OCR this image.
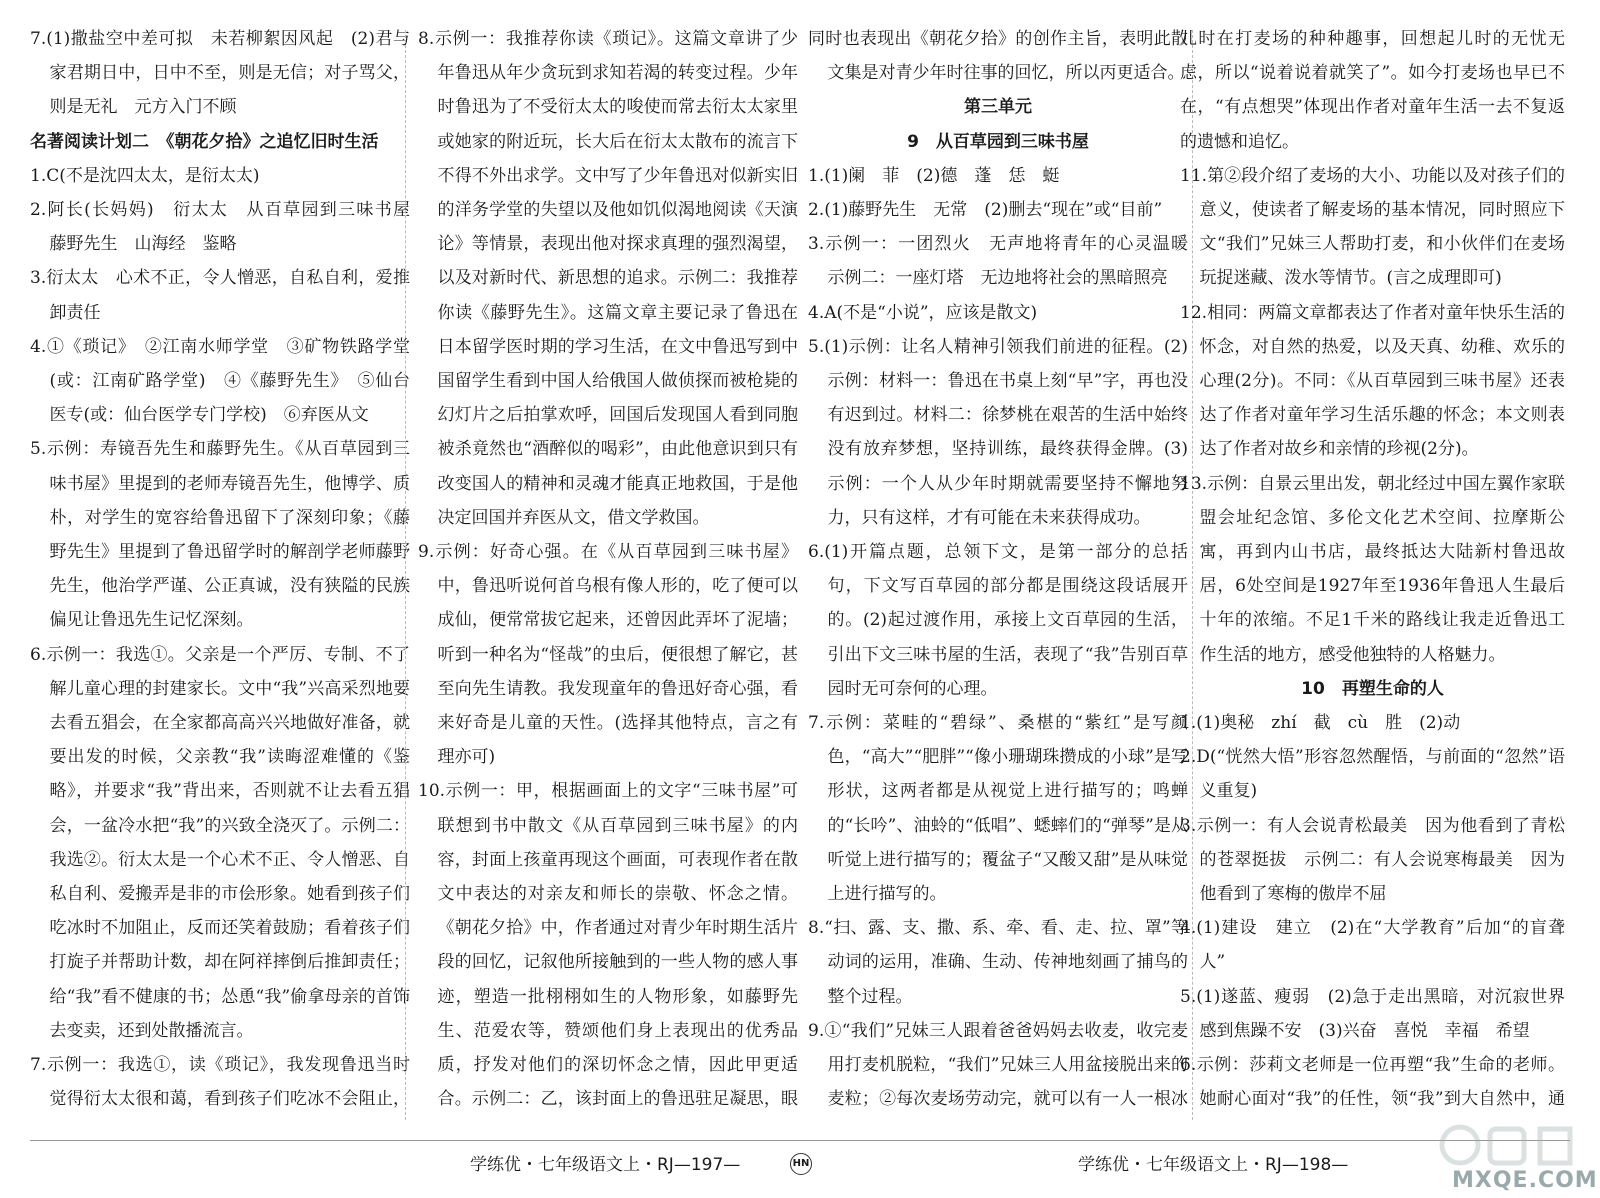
7.(1)撒盐空中差可拟　未若柳絮因风起　(2)君与家君期日中，日中不至，则是无信；对子骂父，则是无礼　元方入门不顾

名著阅读计划二　《朝花夕拾》之追忆旧时生活

1.C(不是沈四太太，是衍太太)

2.阿长(长妈妈)　衍太太　从百草园到三味书屋　藤野先生　山海经　鉴略

3.衍太太　心术不正，令人憎恶，自私自利，爱推卸责任

4.①《琐记》　②江南水师学堂　③矿物铁路学堂(或：江南矿路学堂)　④《藤野先生》　⑤仙台医专(或：仙台医学专门学校)　⑥弃医从文

5.示例：寿镜吾先生和藤野先生。《从百草园到三味书屋》里提到的老师寿镜吾先生，他博学、质朴，对学生的宽容给鲁迅留下了深刻印象；《藤野先生》里提到了鲁迅留学时的解剖学老师藤野先生，他治学严谨、公正真诚，没有狭隘的民族偏见让鲁迅先生记忆深刻。

6.示例一：我选①。父亲是一个严厉、专制、不了解儿童心理的封建家长。文中“我”兴高采烈地要去看五猖会，在全家都高高兴兴地做好准备，就要出发的时候，父亲教“我”读晦涩难懂的《鉴略》，并要求“我”背出来，否则就不让去看五猖会，一盆冷水把“我”的兴致全浇灭了。示例二：我选②。衍太太是一个心术不正、令人憎恶、自私自利、爱搬弄是非的市侩形象。她看到孩子们吃冰时不加阻止，反而还笑着鼓励；看着孩子们打旋子并帮助计数，却在阿祥摔倒后推卸责任；给“我”看不健康的书；怂恿“我”偷拿母亲的首饰去变卖，还到处散播流言。

7.示例一：我选①，读《琐记》，我发现鲁迅当时觉得衍太太很和蔼，看到孩子们吃冰不会阻止，

8.示例一：我推荐你读《琐记》。这篇文章讲了少年鲁迅从年少贪玩到求知若渴的转变过程。少年时鲁迅为了不受衍太太的唆使而常去衍太太家里或她家的附近玩，长大后在衍太太散布的流言下不得不外出求学。文中写了少年鲁迅对似新实旧的洋务学堂的失望以及他如饥似渴地阅读《天演论》等情景，表现出他对探求真理的强烈渴望，以及对新时代、新思想的追求。示例二：我推荐你读《藤野先生》。这篇文章主要记录了鲁迅在日本留学医时期的学习生活，在文中鲁迅写到中国留学生看到中国人给俄国人做侦探而被枪毙的幻灯片之后拍掌欢呼，回国后发现国人看到同胞被杀竟然也“酒醉似的喝彩”，由此他意识到只有改变国人的精神和灵魂才能真正地救国，于是他决定回国并弃医从文，借文学救国。

9.示例：好奇心强。在《从百草园到三味书屋》中，鲁迅听说何首乌根有像人形的，吃了便可以成仙，便常常拔它起来，还曾因此弄坏了泥墙；听到一种名为“怪哉”的虫后，便很想了解它，甚至向先生请教。我发现童年的鲁迅好奇心强，看来好奇是儿童的天性。(选择其他特点，言之有理亦可)

10.示例一：甲，根据画面上的文字“三味书屋”可联想到书中散文《从百草园到三味书屋》的内容，封面上孩童再现这个画面，可表现作者在散文中表达的对亲友和师长的崇敬、怀念之情。《朝花夕拾》中，作者通过对青少年时期生活片段的回忆，记叙他所接触到的一些人物的感人事迹，塑造一批栩栩如生的人物形象，如藤野先生、范爱农等，赞颂他们身上表现出的优秀品质，抒发对他们的深切怀念之情，因此甲更适合。示例二：乙，该封面上的鲁迅驻足凝思，眼

学练优・七年级语文上・RJ—197—

同时也表现出《朝花夕拾》的创作主旨，表明此散文集是对青少年时往事的回忆，所以丙更适合。

第三单元

9　从百草园到三味书屋

1.(1)阑　菲　(2)德　蓬　恁　蜓

2.(1)藤野先生　无常　(2)删去“现在”或“目前”

3.示例一：一团烈火　无声地将青年的心灵温暖　示例二：一座灯塔　无边地将社会的黑暗照亮

4.A(不是“小说”，应该是散文)

5.(1)示例：让名人精神引领我们前进的征程。(2)示例：材料一：鲁迅在书桌上刻“早”字，再也没有迟到过。材料二：徐梦桃在艰苦的生活中始终没有放弃梦想，坚持训练，最终获得金牌。(3)示例：一个人从少年时期就需要坚持不懈地努力，只有这样，才有可能在未来获得成功。

6.(1)开篇点题，总领下文，是第一部分的总括句，下文写百草园的部分都是围绕这段话展开的。(2)起过渡作用，承接上文百草园的生活，引出下文三味书屋的生活，表现了“我”告别百草园时无可奈何的心理。

7.示例：菜畦的“碧绿”、桑椹的“紫红”是写颜色，“高大”“肥胖”“像小珊瑚珠攒成的小球”是写形状，这两者都是从视觉上进行描写的；鸣蝉的“长吟”、油蛉的“低唱”、蟋蟀们的“弹琴”是从听觉上进行描写的；覆盆子“又酸又甜”是从味觉上进行描写的。

8.“扫、露、支、撒、系、牵、看、走、拉、罩”等动词的运用，准确、生动、传神地刻画了捕鸟的整个过程。

9.①“我们”兄妹三人跟着爸爸妈妈去收麦，收完麦用打麦机脱粒，“我们”兄妹三人用盆接脱出来的麦粒；②每次麦场劳动完，就可以有一人一根冰

儿时在打麦场的种种趣事，回想起儿时的无忧无虑，所以“说着说着就笑了”。如今打麦场也早已不在，“有点想哭”体现出作者对童年生活一去不复返的遗憾和追忆。

11.第②段介绍了麦场的大小、功能以及对孩子们的意义，使读者了解麦场的基本情况，同时照应下文“我们”兄妹三人帮助打麦，和小伙伴们在麦场玩捉迷藏、泼水等情节。(言之成理即可)

12.相同：两篇文章都表达了作者对童年快乐生活的怀念，对自然的热爱，以及天真、幼稚、欢乐的心理(2分)。不同：《从百草园到三味书屋》还表达了作者对童年学习生活乐趣的怀念；本文则表达了作者对故乡和亲情的珍视(2分)。

13.示例：自景云里出发，朝北经过中国左翼作家联盟会址纪念馆、多伦文化艺术空间、拉摩斯公寓，再到内山书店，最终抵达大陆新村鲁迅故居，6处空间是1927年至1936年鲁迅人生最后十年的浓缩。不足1千米的路线让我走近鲁迅工作生活的地方，感受他独特的人格魅力。

10　再塑生命的人

1.(1)奥秘　zhí　截　cù　胜　(2)动

2.D(“恍然大悟”形容忽然醒悟，与前面的“忽然”语义重复)

3.示例一：有人会说青松最美　因为他看到了青松的苍翠挺拔　示例二：有人会说寒梅最美　因为他看到了寒梅的傲岸不屈

4.(1)建设　建立　(2)在“大学教育”后加“的盲聋人”

5.(1)遂蓝、瘦弱　(2)急于走出黑暗，对沉寂世界感到焦躁不安　(3)兴奋　喜悦　幸福　希望

6.示例：莎莉文老师是一位再塑“我”生命的老师。她耐心面对“我”的任性，领“我”到大自然中，通

学练优・七年级语文上・RJ—198—
HN
MXQE.COM
